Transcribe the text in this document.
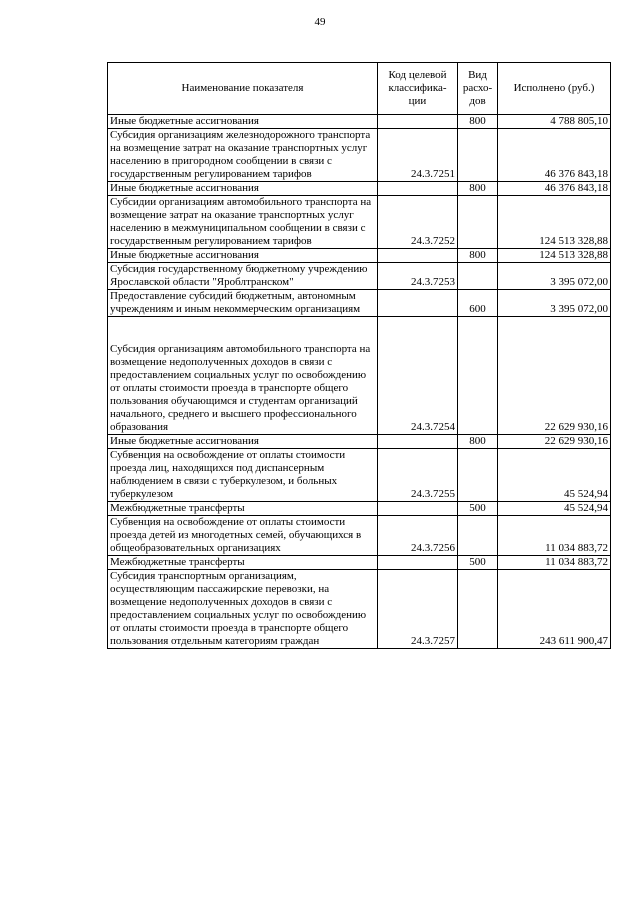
49
Наименование показателя	Код целевой классифика-ции	Вид расхо-дов	Исполнено (руб.)
Иные бюджетные ассигнования		800	4 788 805,10
Субсидия организациям железнодорожного транспорта на возмещение затрат на оказание транспортных услуг населению в пригородном сообщении в связи с государственным регулированием тарифов	24.3.7251		46 376 843,18
Иные бюджетные ассигнования		800	46 376 843,18
Субсидии организациям автомобильного транспорта на возмещение затрат на оказание транспортных услуг населению в межмуниципальном сообщении в связи с государственным регулированием тарифов	24.3.7252		124 513 328,88
Иные бюджетные ассигнования		800	124 513 328,88
Субсидия государственному бюджетному учреждению Ярославской области "Яроблтранском"	24.3.7253		3 395 072,00
Предоставление субсидий бюджетным, автономным учреждениям и иным некоммерческим организациям		600	3 395 072,00

Субсидия организациям автомобильного транспорта на возмещение недополученных доходов в связи с предоставлением социальных услуг по освобождению от оплаты стоимости проезда в транспорте общего пользования обучающимся и студентам организаций начального, среднего и высшего профессионального образования	24.3.7254		22 629 930,16
Иные бюджетные ассигнования		800	22 629 930,16
Субвенция на освобождение от оплаты стоимости проезда лиц, находящихся под диспансерным наблюдением в связи с туберкулезом, и больных туберкулезом	24.3.7255		45 524,94
Межбюджетные трансферты		500	45 524,94
Субвенция на освобождение от оплаты стоимости проезда детей из многодетных семей, обучающихся в общеобразовательных организациях	24.3.7256		11 034 883,72
Межбюджетные трансферты		500	11 034 883,72
Субсидия транспортным организациям, осуществляющим пассажирские перевозки, на возмещение недополученных доходов в связи с предоставлением социальных услуг по освобождению от оплаты стоимости проезда в транспорте общего пользования отдельным категориям граждан	24.3.7257		243 611 900,47
